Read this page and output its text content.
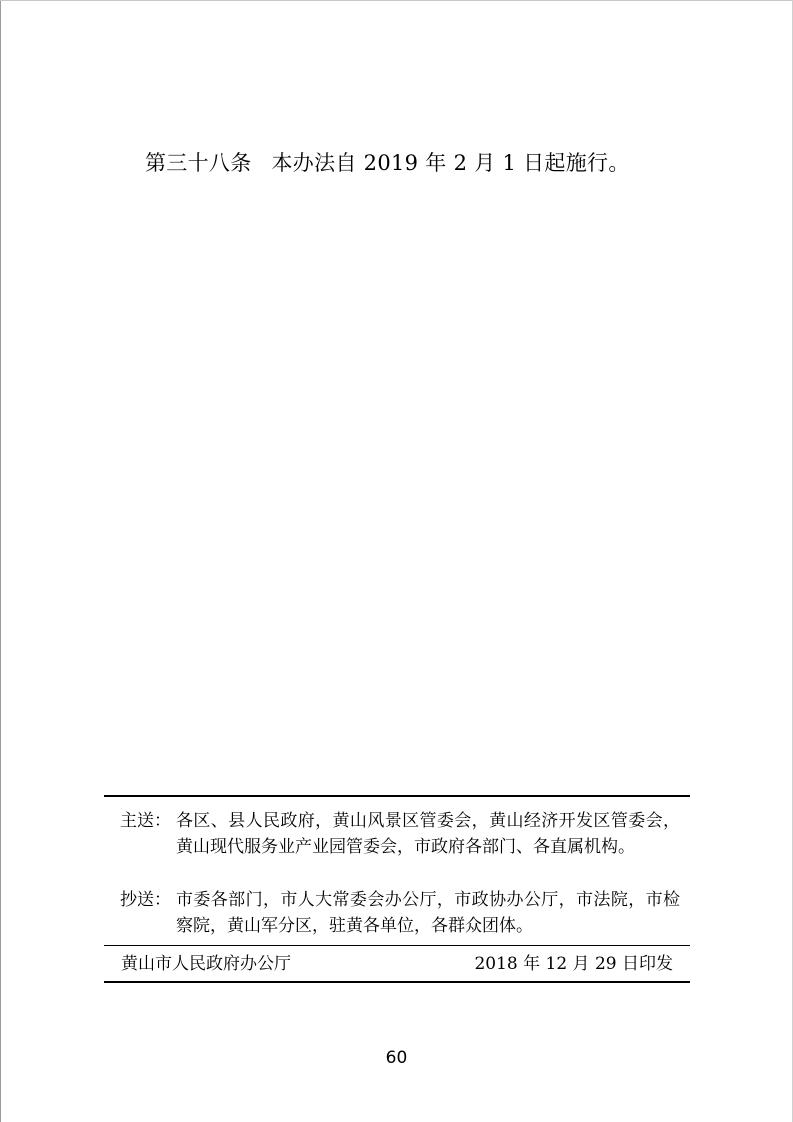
第三十八条 本办法自 2019 年 2 月 1 日起施行。
主送： 各区、县人民政府，黄山风景区管委会，黄山经济开发区管委会，黄山现代服务业产业园管委会，市政府各部门、各直属机构。
抄送： 市委各部门，市人大常委会办公厅，市政协办公厅，市法院，市检察院，黄山军分区，驻黄各单位，各群众团体。
黄山市人民政府办公厅	2018 年 12 月 29 日印发
60
